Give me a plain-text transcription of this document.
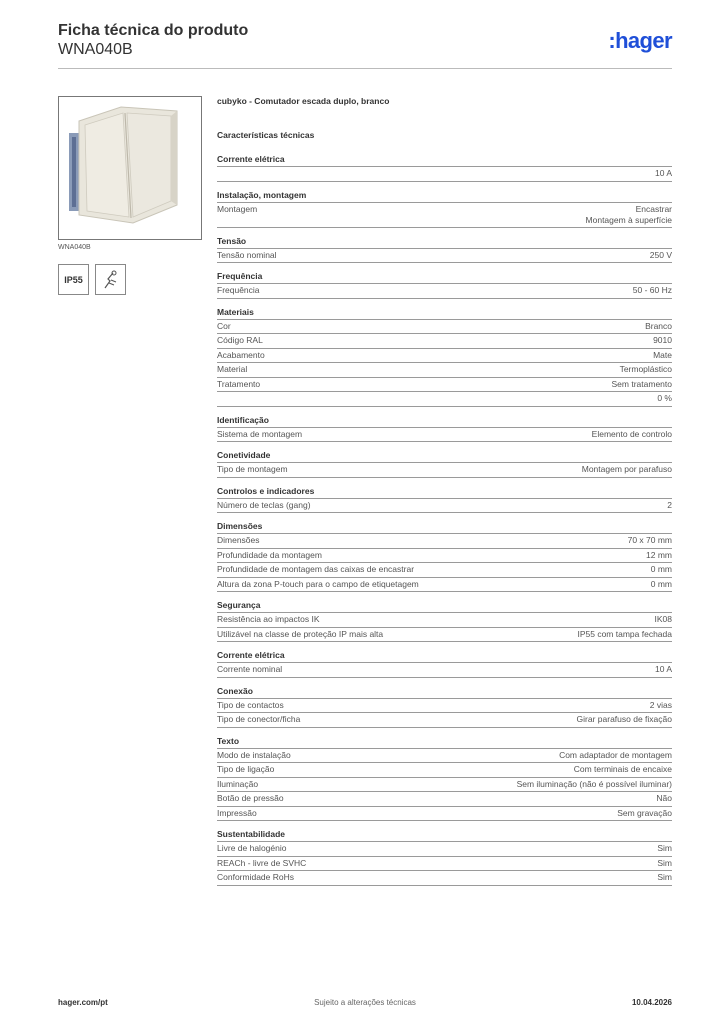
Ficha técnica do produto
WNA040B	:hager
WNA040B
IP55
cubyko - Comutador escada duplo, branco
Características técnicas
Corrente elétrica
10 A
Instalação, montagem
Montagem	Encastrar
Montagem à superfície
Tensão
Tensão nominal	250 V
Frequência
Frequência	50 - 60 Hz
Materiais
Cor	Branco
Código RAL	9010
Acabamento	Mate
Material	Termoplástico
Tratamento	Sem tratamento
0 %
Identificação
Sistema de montagem	Elemento de controlo
Conetividade
Tipo de montagem	Montagem por parafuso
Controlos e indicadores
Número de teclas (gang)	2
Dimensões
Dimensões	70 x 70 mm
Profundidade da montagem	12 mm
Profundidade de montagem das caixas de encastrar	0 mm
Altura da zona P-touch para o campo de etiquetagem	0 mm
Segurança
Resistência ao impactos IK	IK08
Utilizável na classe de proteção IP mais alta	IP55 com tampa fechada
Corrente elétrica
Corrente nominal	10 A
Conexão
Tipo de contactos	2 vias
Tipo de conector/ficha	Girar parafuso de fixação
Texto
Modo de instalação	Com adaptador de montagem
Tipo de ligação	Com terminais de encaixe
Iluminação	Sem iluminação (não é possível iluminar)
Botão de pressão	Não
Impressão	Sem gravação
Sustentabilidade
Livre de halogénio	Sim
REACh - livre de SVHC	Sim
Conformidade RoHs	Sim
hager.com/pt	Sujeito a alterações técnicas	10.04.2026
